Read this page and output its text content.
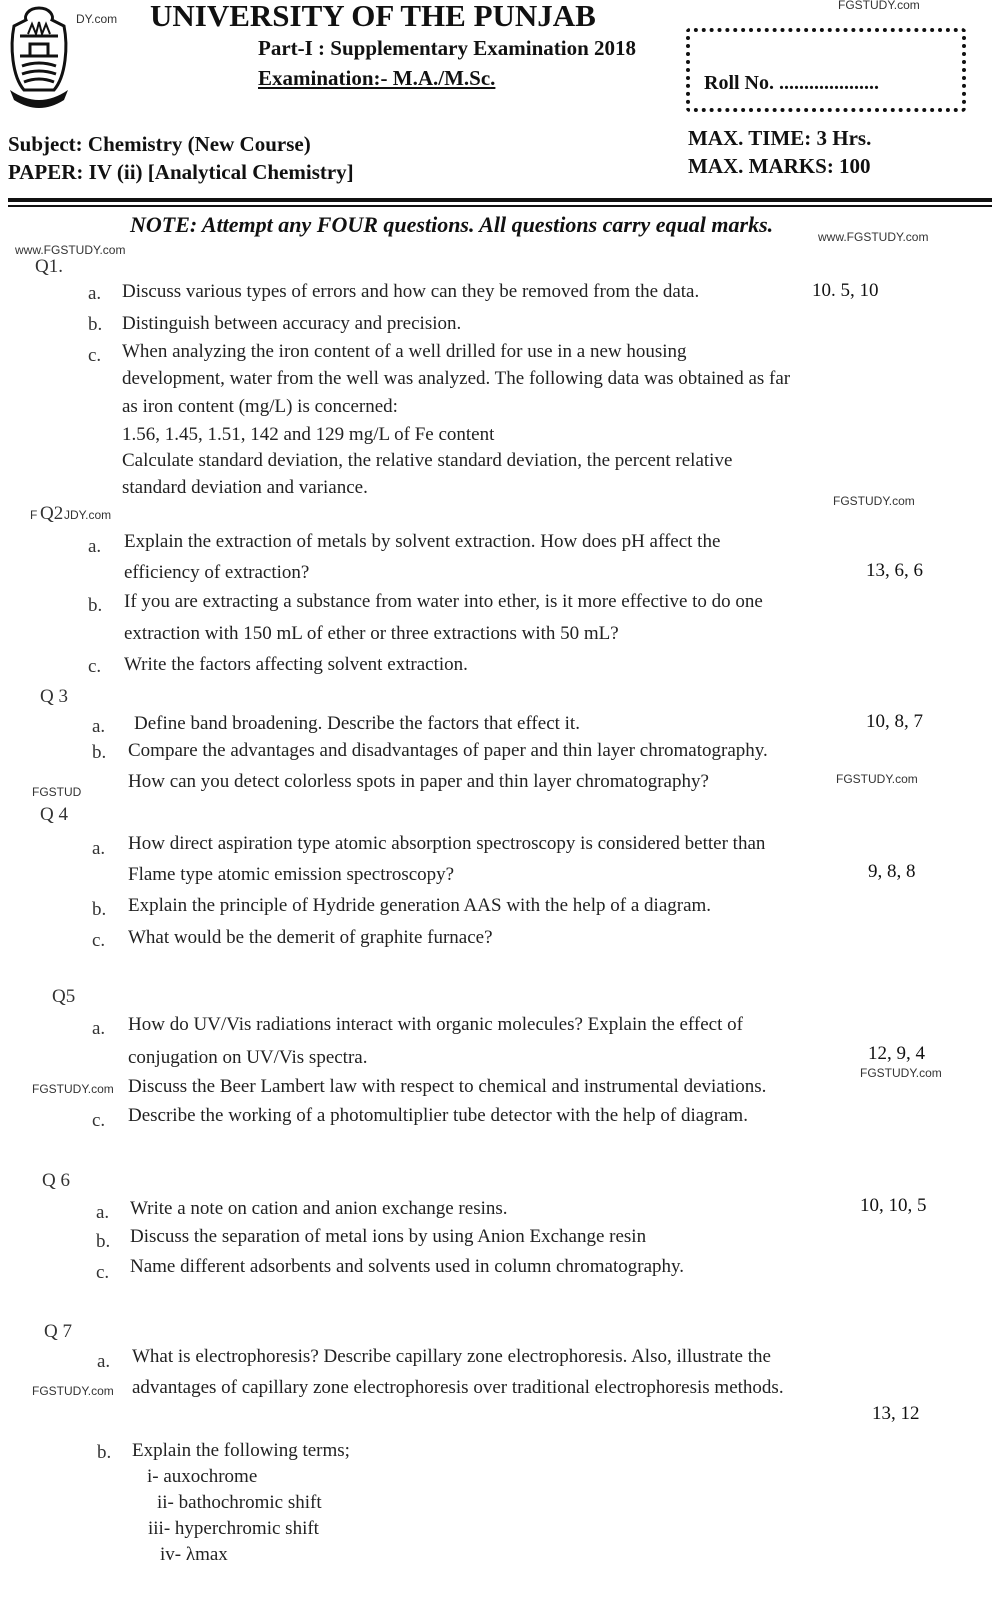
DY.com
FGSTUDY.com
UNIVERSITY OF THE PUNJAB
Part-I : Supplementary Examination 2018
Examination:- M.A./M.Sc.	Roll No. ....................
Subject: Chemistry (New Course)
PAPER: IV (ii) [Analytical Chemistry]
MAX. TIME: 3 Hrs.
MAX. MARKS: 100
NOTE: Attempt any FOUR questions. All questions carry equal marks.	www.FGSTUDY.com
www.FGSTUDY.com
Q1.
a. Discuss various types of errors and how can they be removed from the data.	10. 5, 10
b. Distinguish between accuracy and precision.
c. When analyzing the iron content of a well drilled for use in a new housing
development, water from the well was analyzed. The following data was obtained as far
as iron content (mg/L) is concerned:
1.56, 1.45, 1.51, 142 and 129 mg/L of Fe content
Calculate standard deviation, the relative standard deviation, the percent relative
standard deviation and variance.
FGSTUDY.com
F Q2 JDY.com
a. Explain the extraction of metals by solvent extraction. How does pH affect the
efficiency of extraction?	13, 6, 6
b. If you are extracting a substance from water into ether, is it more effective to do one
extraction with 150 mL of ether or three extractions with 50 mL?
c. Write the factors affecting solvent extraction.
Q 3
a. Define band broadening. Describe the factors that effect it.	10, 8, 7
b. Compare the advantages and disadvantages of paper and thin layer chromatography.
FGSTUD How can you detect colorless spots in paper and thin layer chromatography?	FGSTUDY.com
Q 4
a. How direct aspiration type atomic absorption spectroscopy is considered better than
Flame type atomic emission spectroscopy?	9, 8, 8
b. Explain the principle of Hydride generation AAS with the help of a diagram.
c. What would be the demerit of graphite furnace?
Q5
a. How do UV/Vis radiations interact with organic molecules? Explain the effect of
conjugation on UV/Vis spectra.	12, 9, 4
FGSTUDY.com
FGSTUDY.com Discuss the Beer Lambert law with respect to chemical and instrumental deviations.
c. Describe the working of a photomultiplier tube detector with the help of diagram.
Q 6
a. Write a note on cation and anion exchange resins.	10, 10, 5
b. Discuss the separation of metal ions by using Anion Exchange resin
c. Name different adsorbents and solvents used in column chromatography.
Q 7
a. What is electrophoresis? Describe capillary zone electrophoresis. Also, illustrate the
FGSTUDY.com advantages of capillary zone electrophoresis over traditional electrophoresis methods.
13, 12
b. Explain the following terms;
i- auxochrome
ii- bathochromic shift
iii- hyperchromic shift
iv- λmax
